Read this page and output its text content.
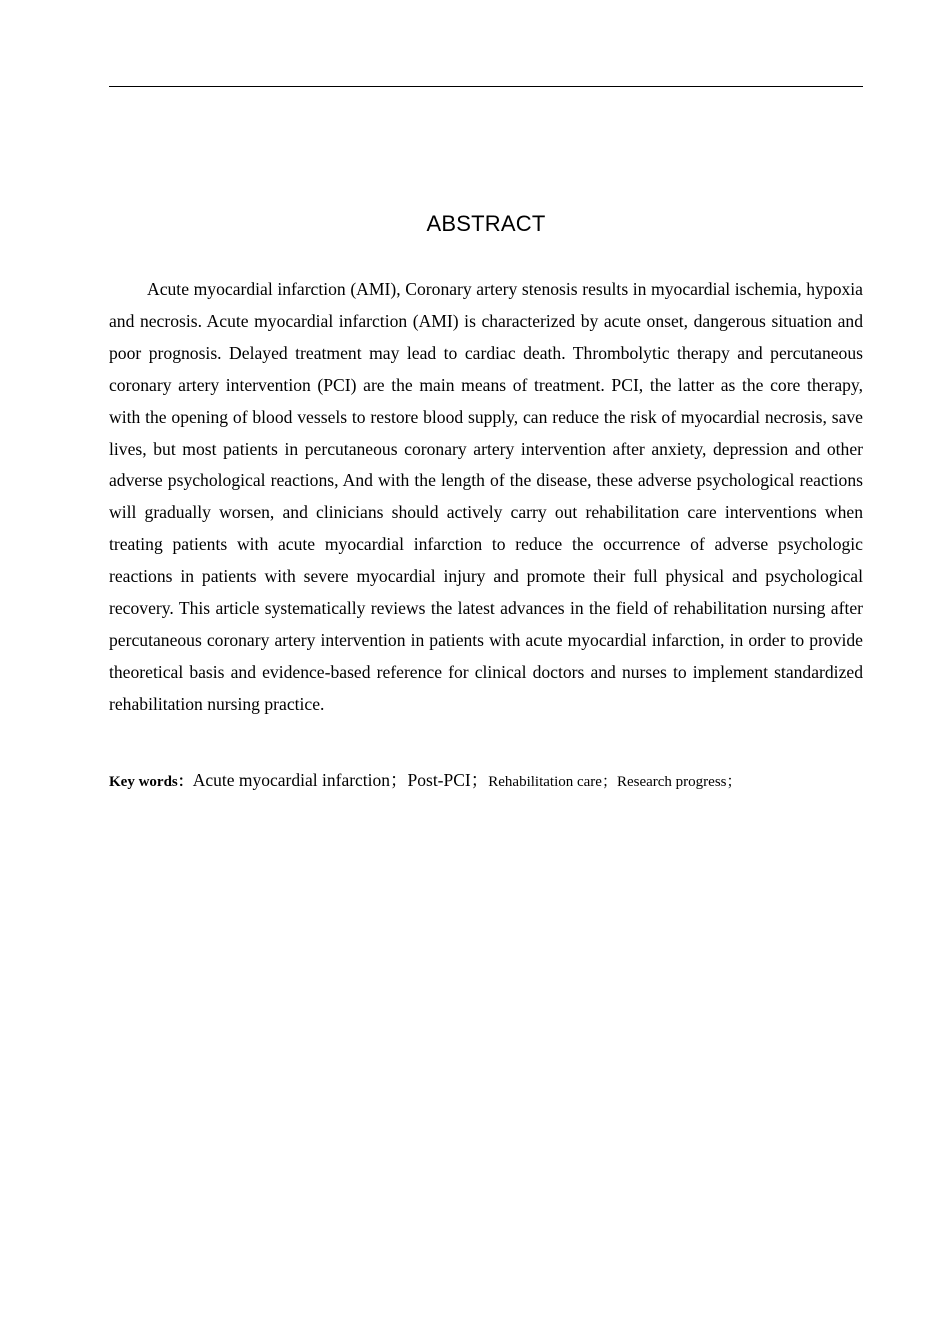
ABSTRACT

Acute myocardial infarction (AMI), Coronary artery stenosis results in myocardial ischemia, hypoxia and necrosis. Acute myocardial infarction (AMI) is characterized by acute onset, dangerous situation and poor prognosis. Delayed treatment may lead to cardiac death. Thrombolytic therapy and percutaneous coronary artery intervention (PCI) are the main means of treatment. PCI, the latter as the core therapy, with the opening of blood vessels to restore blood supply, can reduce the risk of myocardial necrosis, save lives, but most patients in percutaneous coronary artery intervention after anxiety, depression and other adverse psychological reactions, And with the length of the disease, these adverse psychological reactions will gradually worsen, and clinicians should actively carry out rehabilitation care interventions when treating patients with acute myocardial infarction to reduce the occurrence of adverse psychologic reactions in patients with severe myocardial injury and promote their full physical and psychological recovery. This article systematically reviews the latest advances in the field of rehabilitation nursing after percutaneous coronary artery intervention in patients with acute myocardial infarction, in order to provide theoretical basis and evidence-based reference for clinical doctors and nurses to implement standardized rehabilitation nursing practice.

Key words：Acute myocardial infarction；Post-PCI；Rehabilitation care；Research progress；
